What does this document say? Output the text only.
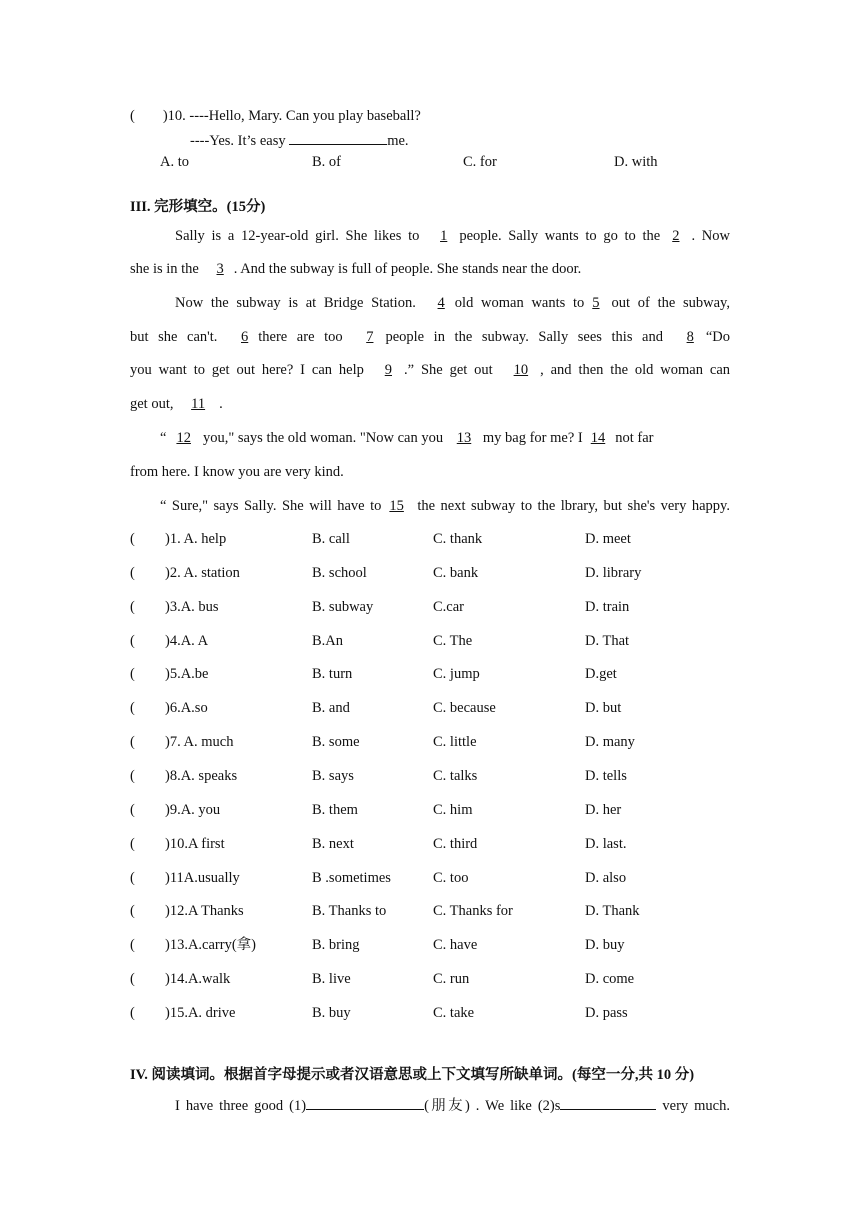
( )10. ----Hello, Mary. Can you play baseball?
----Yes. It’s easy	me.
A. to	B. of	C. for	D. with
III. 完形填空。(15分)
Sally is a 12-year-old girl. She likes to 1 people. Sally wants to go to the 2 . Now
she is in the 3 . And the subway is full of people. She stands near the door.
Now the subway is at Bridge Station. 4 old woman wants to 5 out of the subway,
but she can't. 6 there are too 7 people in the subway. Sally sees this and 8 “Do
you want to get out here? I can help 9 .” She get out 10 , and then the old woman can
get out, 11 .
“ 12 you," says the old woman. "Now can you 13 my bag for me? I 14 not far
from here. I know you are very kind.
“ Sure," says Sally. She will have to 15 the next subway to the lbrary, but she's very happy.
( )1. A. help	B. call	C. thank	D. meet
( )2. A. station	B. school	C. bank	D. library
( )3.A. bus	B. subway	C.car	D. train
( )4.A. A	B.An	C. The	D. That
( )5.A.be	B. turn	C. jump	D.get
( )6.A.so	B. and	C. because	D. but
( )7. A. much	B. some	C. little	D. many
( )8.A. speaks	B. says	C. talks	D. tells
( )9.A. you	B. them	C. him	D. her
( )10.A first	B. next	C. third	D. last.
( )11A.usually	B .sometimes	C. too	D. also
( )12.A Thanks	B. Thanks to	C. Thanks for	D. Thank
( )13.A.carry(拿)	B. bring	C. have	D. buy
( )14.A.walk	B. live	C. run	D. come
( )15.A. drive	B. buy	C. take	D. pass
IV. 阅读填词。根据首字母提示或者汉语意思或上下文填写所缺单词。(每空一分,共 10 分)
I have three good (1)	(朋友) . We like (2)s	very much.
